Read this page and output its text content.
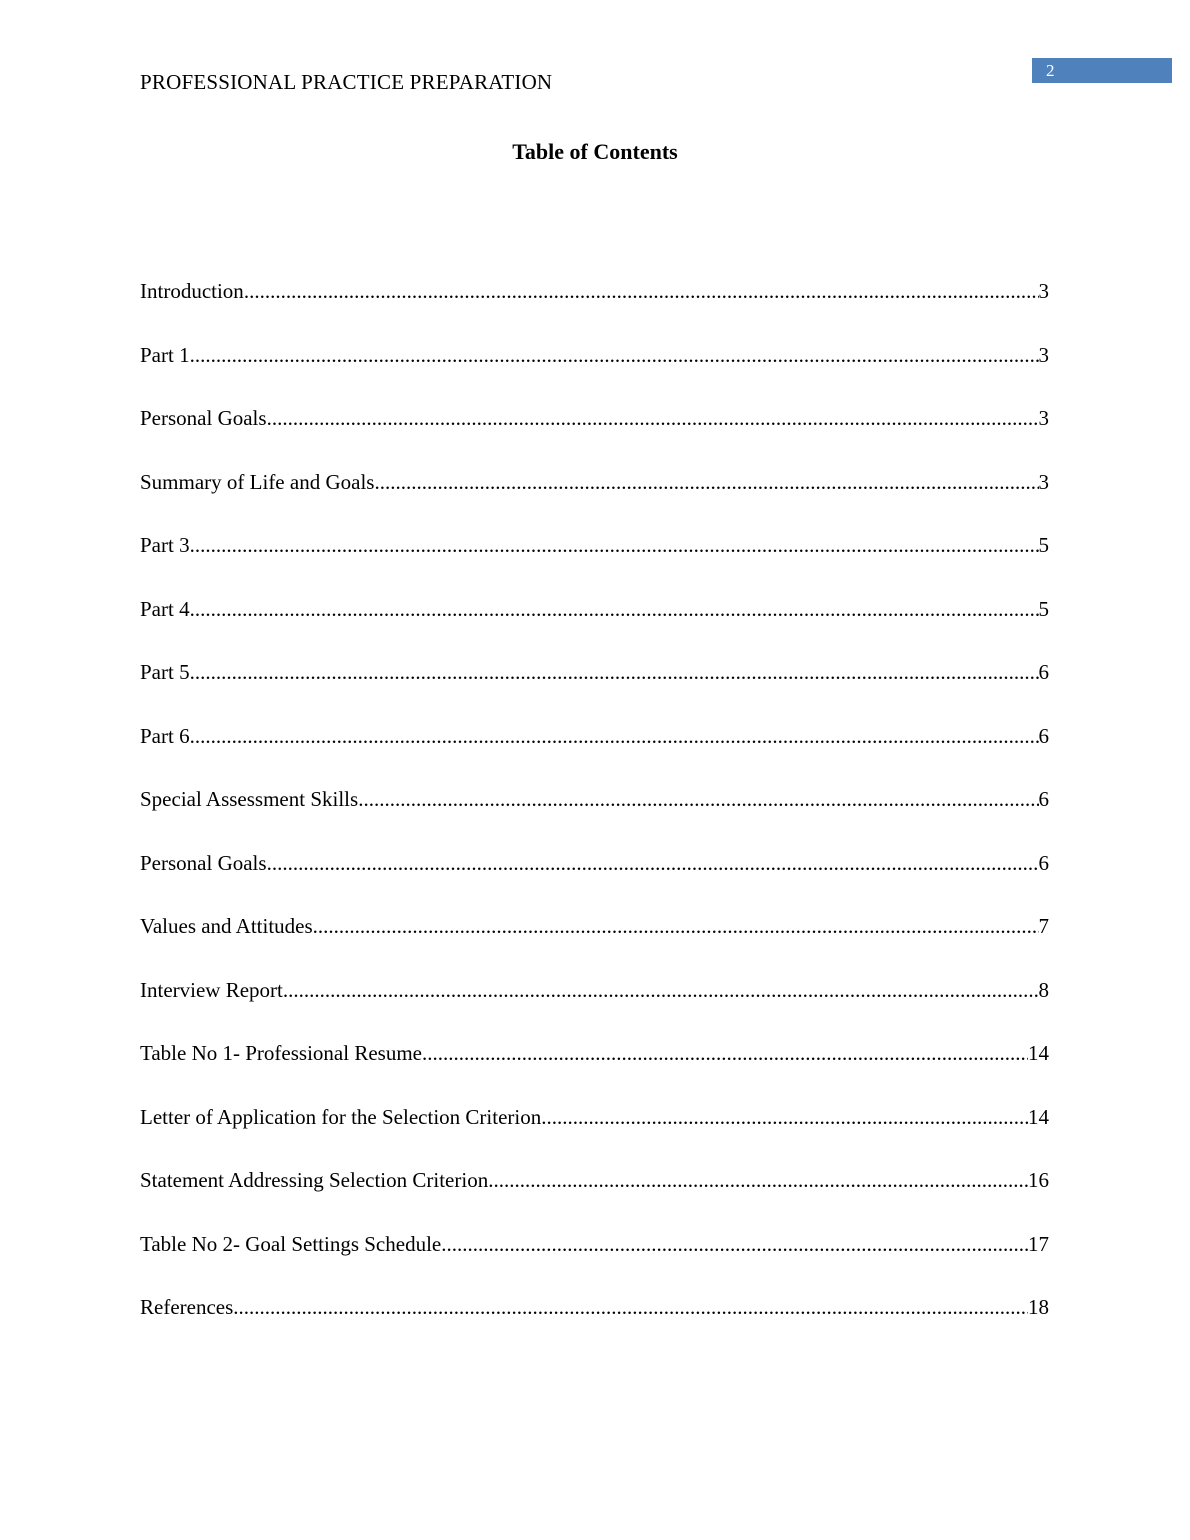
PROFESSIONAL PRACTICE PREPARATION	2
Table of Contents
Introduction .....	3
Part 1 .....	3
Personal Goals .....	3
Summary of Life and Goals .....	3
Part 3 .....	5
Part 4 .....	5
Part 5 .....	6
Part 6 .....	6
Special Assessment Skills .....	6
Personal Goals .....	6
Values and Attitudes .....	7
Interview Report .....	8
Table No 1- Professional Resume .....	14
Letter of Application for the Selection Criterion .....	14
Statement Addressing Selection Criterion .....	16
Table No 2- Goal Settings Schedule .....	17
References .....	18
